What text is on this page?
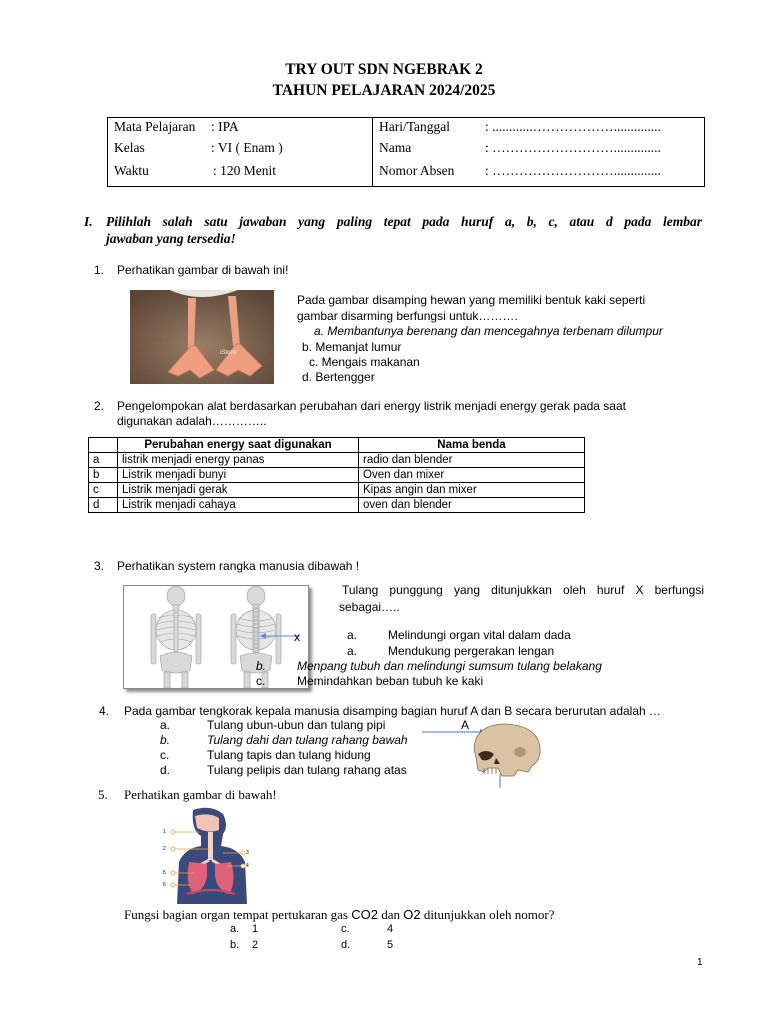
TRY OUT SDN NGEBRAK 2
TAHUN PELAJARAN 2024/2025
Mata Pelajaran : IPA
Kelas	: VI ( Enam )
Waktu	: 120 Menit
Hari/Tanggal	: ............………………..............
Nama	: ………………………..............
Nomor Absen : ………………………..............
I. Pilihlah salah satu jawaban yang paling tepat pada huruf a, b, c, atau d pada lembar
jawaban yang tersedia!
1. Perhatikan gambar di bawah ini!
iStock
Pada gambar disamping hewan yang memiliki bentuk kaki seperti
gambar disarming berfungsi untuk……….
a. Membantunya berenang dan mencegahnya terbenam dilumpur
b. Memanjat lumur
c. Mengais makanan
d. Bertengger
2. Pengelompokan alat berdasarkan perubahan dari energy listrik menjadi energy gerak pada saat
digunakan adalah…………..
	Perubahan energy saat digunakan	Nama benda
a	listrik menjadi energy panas	radio dan blender
b	Listrik menjadi bunyi	Oven dan mixer
c	Listrik menjadi gerak	Kipas angin dan mixer
d	Listrik menjadi cahaya	oven dan blender
3. Perhatikan system rangka manusia dibawah !
x
Tulang punggung yang ditunjukkan oleh huruf X berfungsi
sebagai…..
a.	Melindungi organ vital dalam dada
a.	Mendukung pergerakan lengan
b.	Menpang tubuh dan melindungi sumsum tulang belakang
c.	Memindahkan beban tubuh ke kaki
4. Pada gambar tengkorak kepala manusia disamping bagian huruf A dan B secara berurutan adalah …
a.	Tulang ubun-ubun dan tulang pipi
b.	Tulang dahi dan tulang rahang bawah
c.	Tulang tapis dan tulang hidung
d.	Tulang pelipis dan tulang rahang atas
A
5. Perhatikan gambar di bawah!
1
2
3
4
5
6
Fungsi bagian organ tempat pertukaran gas CO2 dan O2 ditunjukkan oleh nomor?
a. 1	c.	4
b. 2	d.	5
1
